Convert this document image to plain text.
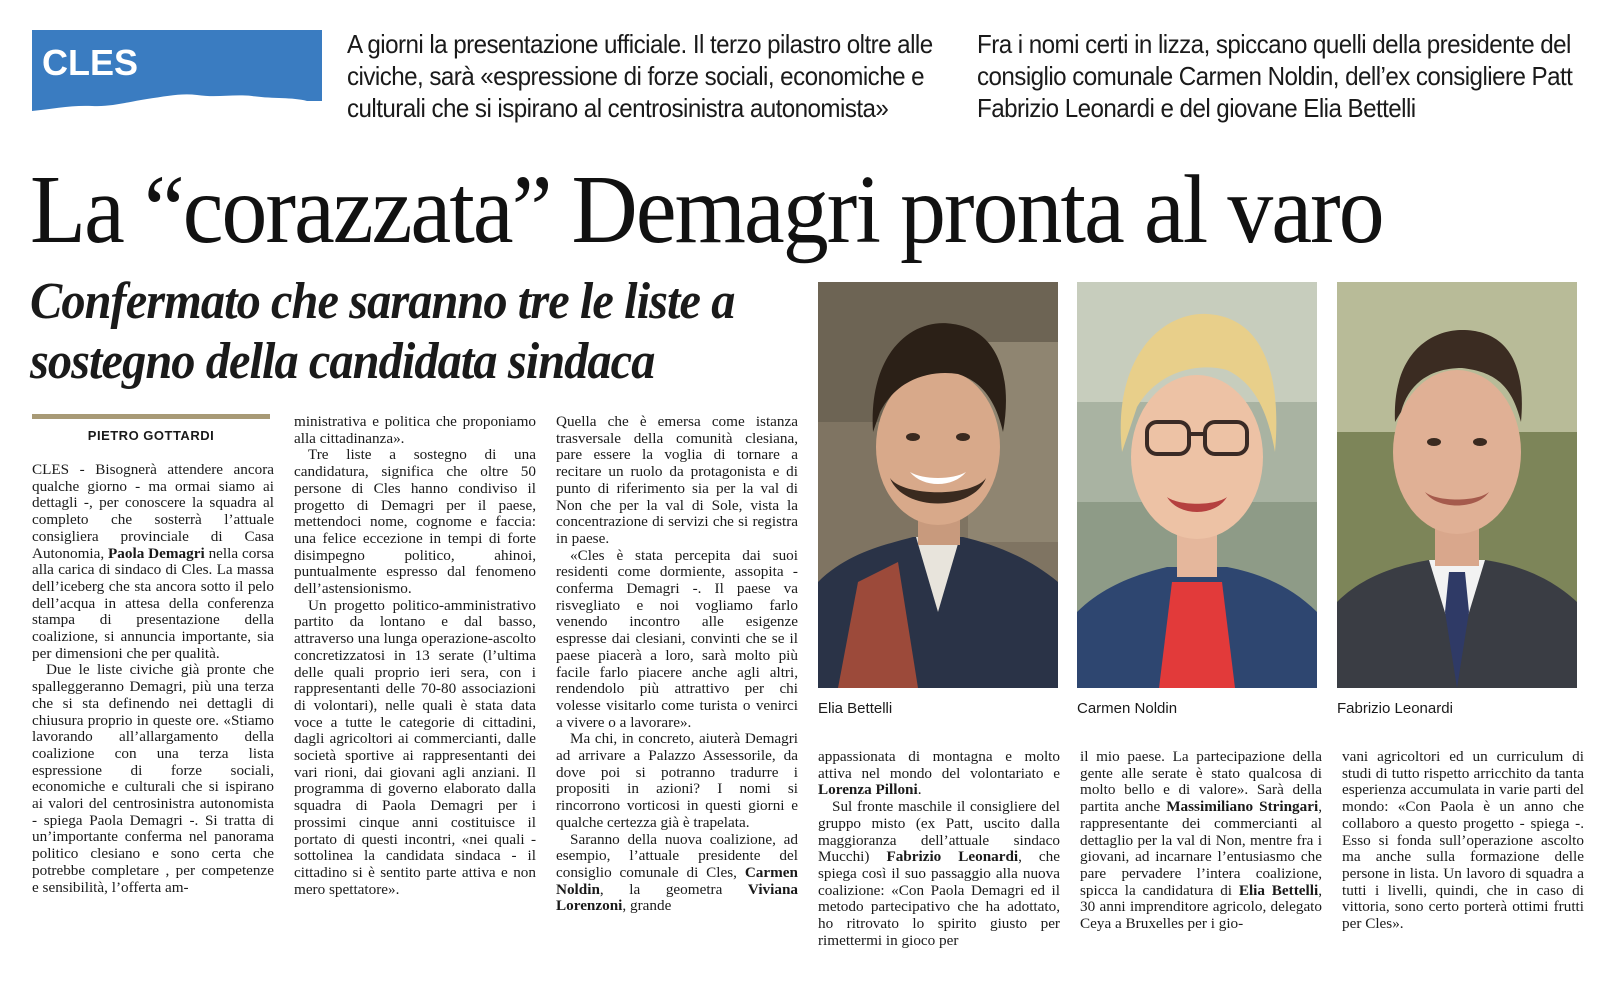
CLES	A giorni la presentazione ufficiale. Il terzo pilastro oltre alle civiche, sarà «espressione di forze sociali, economiche e culturali che si ispirano al centrosinistra autonomista»
Fra i nomi certi in lizza, spiccano quelli della presidente del consiglio comunale Carmen Noldin, dell’ex consigliere Patt Fabrizio Leonardi e del giovane Elia Bettelli
La “corazzata” Demagri pronta al varo
Confermato che saranno tre le liste a sostegno della candidata sindaca
PIETRO GOTTARDI

CLES - Bisognerà attendere ancora qualche giorno - ma ormai siamo ai dettagli -, per conoscere la squadra al completo che sosterrà l’attuale consigliera provinciale di Casa Autonomia, Paola Demagri nella corsa alla carica di sindaco di Cles. La massa dell’iceberg che sta ancora sotto il pelo dell’acqua in attesa della conferenza stampa di presentazione della coalizione, si annuncia importante, sia per dimensioni che per qualità.

Due le liste civiche già pronte che spalleggeranno Demagri, più una terza che si sta definendo nei dettagli di chiusura proprio in queste ore. «Stiamo lavorando all’allargamento della coalizione con una terza lista espressione di forze sociali, economiche e culturali che si ispirano ai valori del centrosinistra autonomista - spiega Paola Demagri -. Si tratta di un’importante conferma nel panorama politico clesiano e sono certa che potrebbe completare , per competenze e sensibilità, l’offerta am-

ministrativa e politica che proponiamo alla cittadinanza».

Tre liste a sostegno di una candidatura, significa che oltre 50 persone di Cles hanno condiviso il progetto di Demagri per il paese, mettendoci nome, cognome e faccia: una felice eccezione in tempi di forte disimpegno politico, ahinoi, puntualmente espresso dal fenomeno dell’astensionismo.

Un progetto politico-amministrativo partito da lontano e dal basso, attraverso una lunga operazione-ascolto concretizzatosi in 13 serate (l’ultima delle quali proprio ieri sera, con i rappresentanti delle 70-80 associazioni di volontari), nelle quali è stata data voce a tutte le categorie di cittadini, dagli agricoltori ai commercianti, dalle società sportive ai rappresentanti dei vari rioni, dai giovani agli anziani. Il programma di governo elaborato dalla squadra di Paola Demagri per i prossimi cinque anni costituisce il portato di questi incontri, «nei quali - sottolinea la candidata sindaca - il cittadino si è sentito parte attiva e non mero spettatore».

Quella che è emersa come istanza trasversale della comunità clesiana, pare essere la voglia di tornare a recitare un ruolo da protagonista e di punto di riferimento sia per la val di Non che per la val di Sole, vista la concentrazione di servizi che si registra in paese.

«Cles è stata percepita dai suoi residenti come dormiente, assopita - conferma Demagri -. Il paese va risvegliato e noi vogliamo farlo venendo incontro alle esigenze espresse dai clesiani, convinti che se il paese piacerà a loro, sarà molto più facile farlo piacere anche agli altri, rendendolo più attrattivo per chi volesse visitarlo come turista o venirci a vivere o a lavorare».

Ma chi, in concreto, aiuterà Demagri ad arrivare a Palazzo Assessorile, da dove poi si potranno tradurre i propositi in azioni? I nomi si rincorrono vorticosi in questi giorni e qualche certezza già è trapelata.

Saranno della nuova coalizione, ad esempio, l’attuale presidente del consiglio comunale di Cles, Carmen Noldin, la geometra Viviana Lorenzoni, grande

appassionata di montagna e molto attiva nel mondo del volontariato e Lorenza Pilloni.

Sul fronte maschile il consigliere del gruppo misto (ex Patt, uscito dalla maggioranza dell’attuale sindaco Mucchi) Fabrizio Leonardi, che spiega così il suo passaggio alla nuova coalizione: «Con Paola Demagri ed il metodo partecipativo che ha adottato, ho ritrovato lo spirito giusto per rimettermi in gioco per

il mio paese. La partecipazione della gente alle serate è stato qualcosa di molto bello e di valore». Sarà della partita anche Massimiliano Stringari, rappresentante dei commercianti al dettaglio per la val di Non, mentre fra i giovani, ad incarnare l’entusiasmo che pare pervadere l’intera coalizione, spicca la candidatura di Elia Bettelli, 30 anni imprenditore agricolo, delegato Ceya a Bruxelles per i gio-

vani agricoltori ed un curriculum di studi di tutto rispetto arricchito da tanta esperienza accumulata in varie parti del mondo: «Con Paola è un anno che collaboro a questo progetto - spiega -. Esso si fonda sull’operazione ascolto ma anche sulla formazione delle persone in lista. Un lavoro di squadra a tutti i livelli, quindi, che in caso di vittoria, sono certo porterà ottimi frutti per Cles».

Elia Bettelli	Carmen Noldin	Fabrizio Leonardi
